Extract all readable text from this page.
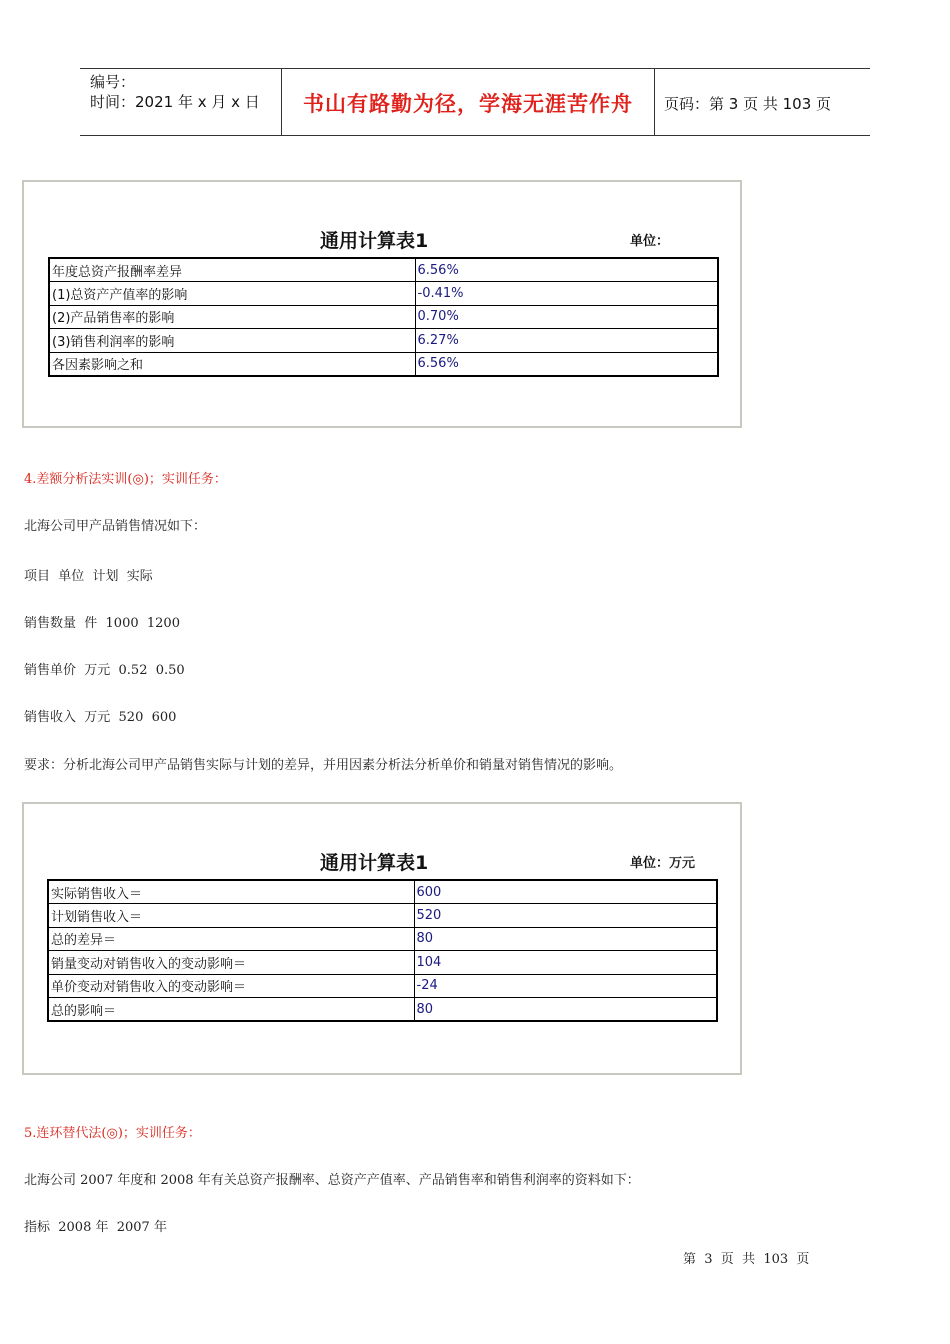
编号：
时间：2021 年 x 月 x 日	书山有路勤为径，学海无涯苦作舟	页码：第 3 页 共 103 页
通用计算表1	单位：
年度总资产报酬率差异	6.56%
(1)总资产产值率的影响	-0.41%
(2)产品销售率的影响	0.70%
(3)销售利润率的影响	6.27%
各因素影响之和	6.56%
4.差额分析法实训(◎)；实训任务：
北海公司甲产品销售情况如下：
项目  单位  计划  实际
销售数量  件  1000  1200
销售单价  万元  0.52  0.50
销售收入  万元  520  600
要求：分析北海公司甲产品销售实际与计划的差异，并用因素分析法分析单价和销量对销售情况的影响。
通用计算表1	单位：万元
实际销售收入＝	600
计划销售收入＝	520
总的差异＝	80
销量变动对销售收入的变动影响＝	104
单价变动对销售收入的变动影响＝	-24
总的影响＝	80
5.连环替代法(◎)；实训任务：
北海公司 2007 年度和 2008 年有关总资产报酬率、总资产产值率、产品销售率和销售利润率的资料如下：
指标  2008 年  2007 年
第  3  页  共  103  页
